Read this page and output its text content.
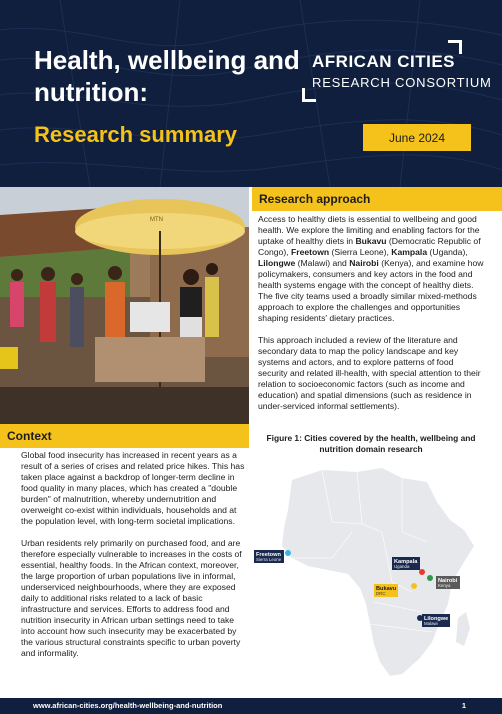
Health, wellbeing and nutrition:
Research summary
AFRICAN CITIES
RESEARCH CONSORTIUM
June 2024
MTN
Research approach

Access to healthy diets is essential to wellbeing and good health. We explore the limiting and enabling factors for the uptake of healthy diets in Bukavu (Democratic Republic of Congo), Freetown (Sierra Leone), Kampala (Uganda), Lilongwe (Malawi) and Nairobi (Kenya), and examine how policymakers, consumers and key actors in the food and health systems engage with the concept of healthy diets. The five city teams used a broadly similar mixed-methods approach to explore the challenges and opportunities shaping residents' dietary practices.

This approach included a review of the literature and secondary data to map the policy landscape and key systems and actors, and to explore patterns of food security and related ill-health, with special attention to their relation to socioeconomic factors (such as income and education) and spatial dimensions (such as residence in under-serviced informal settlements).

Figure 1: Cities covered by the health, wellbeing and nutrition domain research
Freetown
Sierra Leone	Kampala
Uganda
Bukavu
DRC
Nairobi
Kenya
Lilongwe
Malawi
Context

Global food insecurity has increased in recent years as a result of a series of crises and related price hikes. This has taken place against a backdrop of longer-term decline in food quality in many places, which has created a "double burden" of malnutrition, whereby undernutrition and overweight co-exist within individuals, households and at the population level, with long-term societal implications.

Urban residents rely primarily on purchased food, and are therefore especially vulnerable to increases in the costs of essential, healthy foods. In the African context, moreover, the large proportion of urban populations live in informal, underserviced neighbourhoods, where they are exposed daily to additional risks related to a lack of basic infrastructure and services. Efforts to address food and nutrition insecurity in African urban settings need to take into account how such insecurity may be exacerbated by the various structural constraints specific to urban poverty and informality.

www.african-cities.org/health-wellbeing-and-nutrition	1
